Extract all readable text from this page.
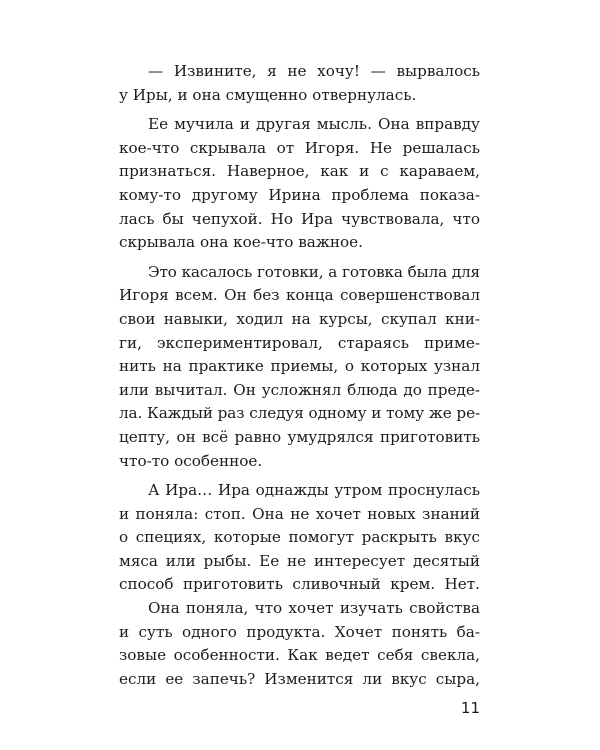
— Извините, я не хочу! — вырвалось
у Иры, и она смущенно отвернулась.
Ее мучила и другая мысль. Она вправду
кое-что скрывала от Игоря. Не решалась
признаться. Наверное, как и с караваем,
кому-то другому Иринa проблема показа-
лась бы чепухой. Но Ира чувствовала, что
скрывала она кое-что важное.
Это касалось готовки, а готовка была для
Игоря всем. Он без конца совершенствовал
свои навыки, ходил на курсы, скупал кни-
ги, экспериментировал, стараясь приме-
нить на практике приемы, о которых узнал
или вычитал. Он усложнял блюда до преде-
ла. Каждый раз следуя одному и тому же ре-
цепту, он всё равно умудрялся приготовить
что-то особенное.
А Ира… Ира однажды утром проснулась
и поняла: стоп. Она не хочет новых знаний
о специях, которые помогут раскрыть вкус
мяса или рыбы. Ее не интересует десятый
способ приготовить сливочный крем. Нет.
Она поняла, что хочет изучать свойства
и суть одного продукта. Хочет понять ба-
зовые особенности. Как ведет себя свекла,
если ее запечь? Изменится ли вкус сыра,
11
